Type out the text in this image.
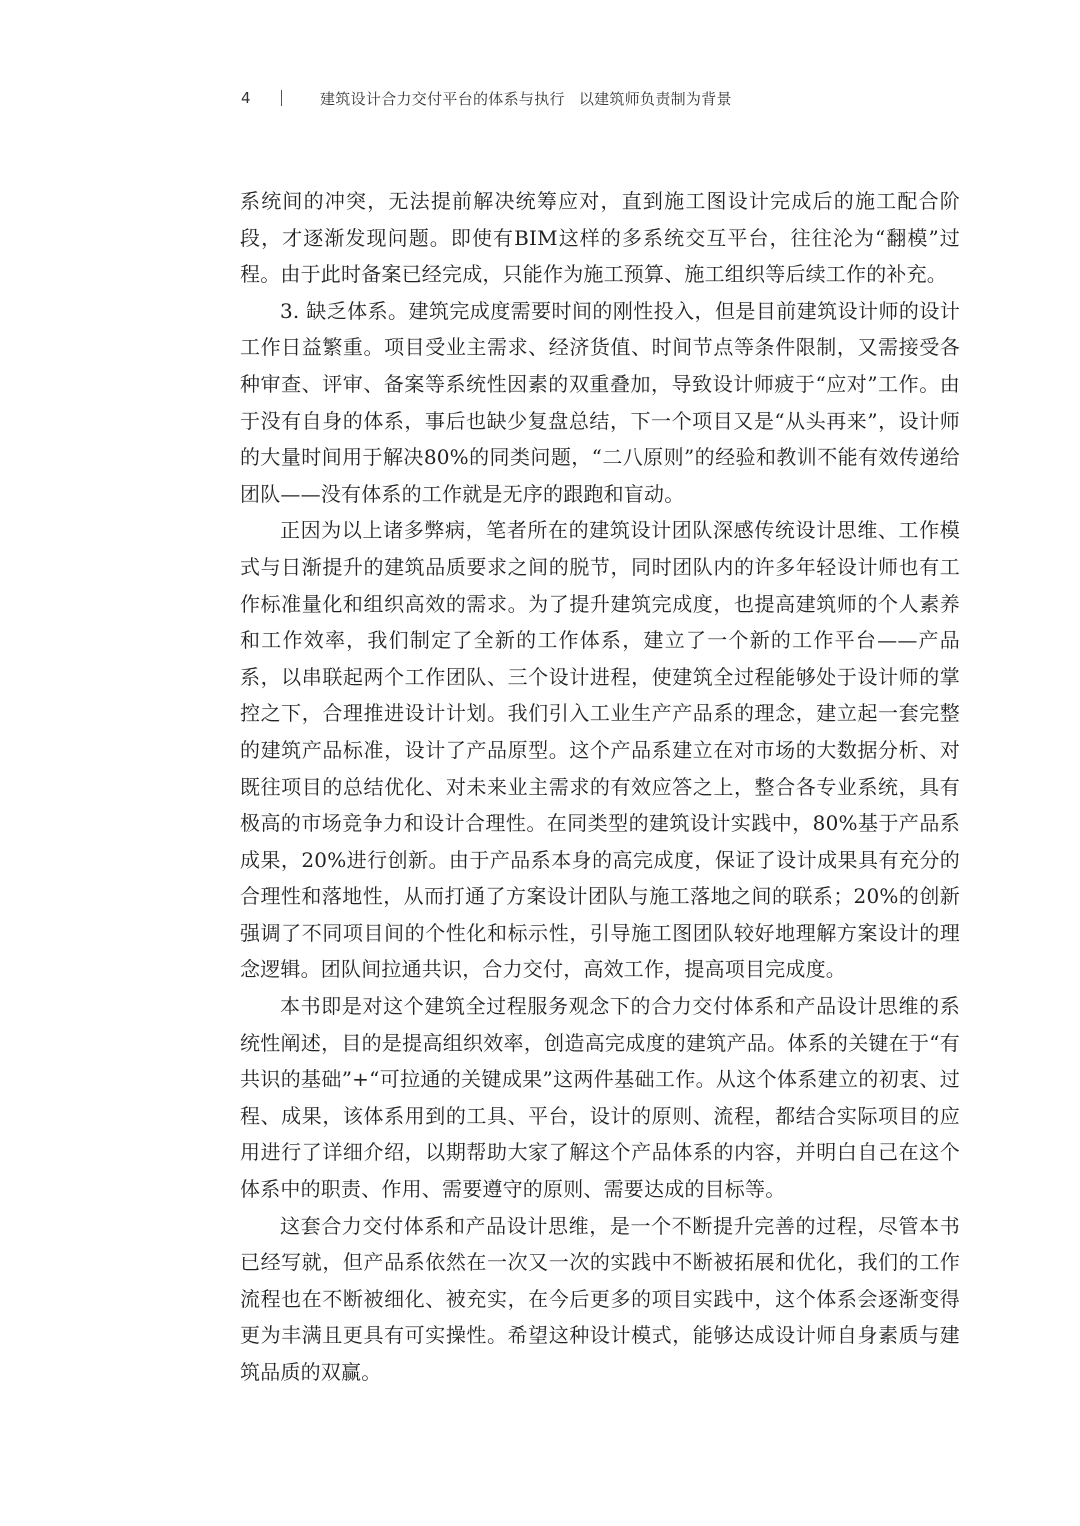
4	建筑设计合力交付平台的体系与执行 以建筑师负责制为背景

系统间的冲突，无法提前解决统筹应对，直到施工图设计完成后的施工配合阶段，才逐渐发现问题。即使有BIM这样的多系统交互平台，往往沦为“翻模”过程。由于此时备案已经完成，只能作为施工预算、施工组织等后续工作的补充。

3. 缺乏体系。建筑完成度需要时间的刚性投入，但是目前建筑设计师的设计工作日益繁重。项目受业主需求、经济货值、时间节点等条件限制，又需接受各种审查、评审、备案等系统性因素的双重叠加，导致设计师疲于“应对”工作。由于没有自身的体系，事后也缺少复盘总结，下一个项目又是“从头再来”，设计师的大量时间用于解决80%的同类问题，“二八原则”的经验和教训不能有效传递给团队——没有体系的工作就是无序的跟跑和盲动。

正因为以上诸多弊病，笔者所在的建筑设计团队深感传统设计思维、工作模式与日渐提升的建筑品质要求之间的脱节，同时团队内的许多年轻设计师也有工作标准量化和组织高效的需求。为了提升建筑完成度，也提高建筑师的个人素养和工作效率，我们制定了全新的工作体系，建立了一个新的工作平台——产品系，以串联起两个工作团队、三个设计进程，使建筑全过程能够处于设计师的掌控之下，合理推进设计计划。我们引入工业生产产品系的理念，建立起一套完整的建筑产品标准，设计了产品原型。这个产品系建立在对市场的大数据分析、对既往项目的总结优化、对未来业主需求的有效应答之上，整合各专业系统，具有极高的市场竞争力和设计合理性。在同类型的建筑设计实践中，80%基于产品系成果，20%进行创新。由于产品系本身的高完成度，保证了设计成果具有充分的合理性和落地性，从而打通了方案设计团队与施工落地之间的联系；20%的创新强调了不同项目间的个性化和标示性，引导施工图团队较好地理解方案设计的理念逻辑。团队间拉通共识，合力交付，高效工作，提高项目完成度。

本书即是对这个建筑全过程服务观念下的合力交付体系和产品设计思维的系统性阐述，目的是提高组织效率，创造高完成度的建筑产品。体系的关键在于“有共识的基础”+“可拉通的关键成果”这两件基础工作。从这个体系建立的初衷、过程、成果，该体系用到的工具、平台，设计的原则、流程，都结合实际项目的应用进行了详细介绍，以期帮助大家了解这个产品体系的内容，并明白自己在这个体系中的职责、作用、需要遵守的原则、需要达成的目标等。

这套合力交付体系和产品设计思维，是一个不断提升完善的过程，尽管本书已经写就，但产品系依然在一次又一次的实践中不断被拓展和优化，我们的工作流程也在不断被细化、被充实，在今后更多的项目实践中，这个体系会逐渐变得更为丰满且更具有可实操性。希望这种设计模式，能够达成设计师自身素质与建筑品质的双赢。
